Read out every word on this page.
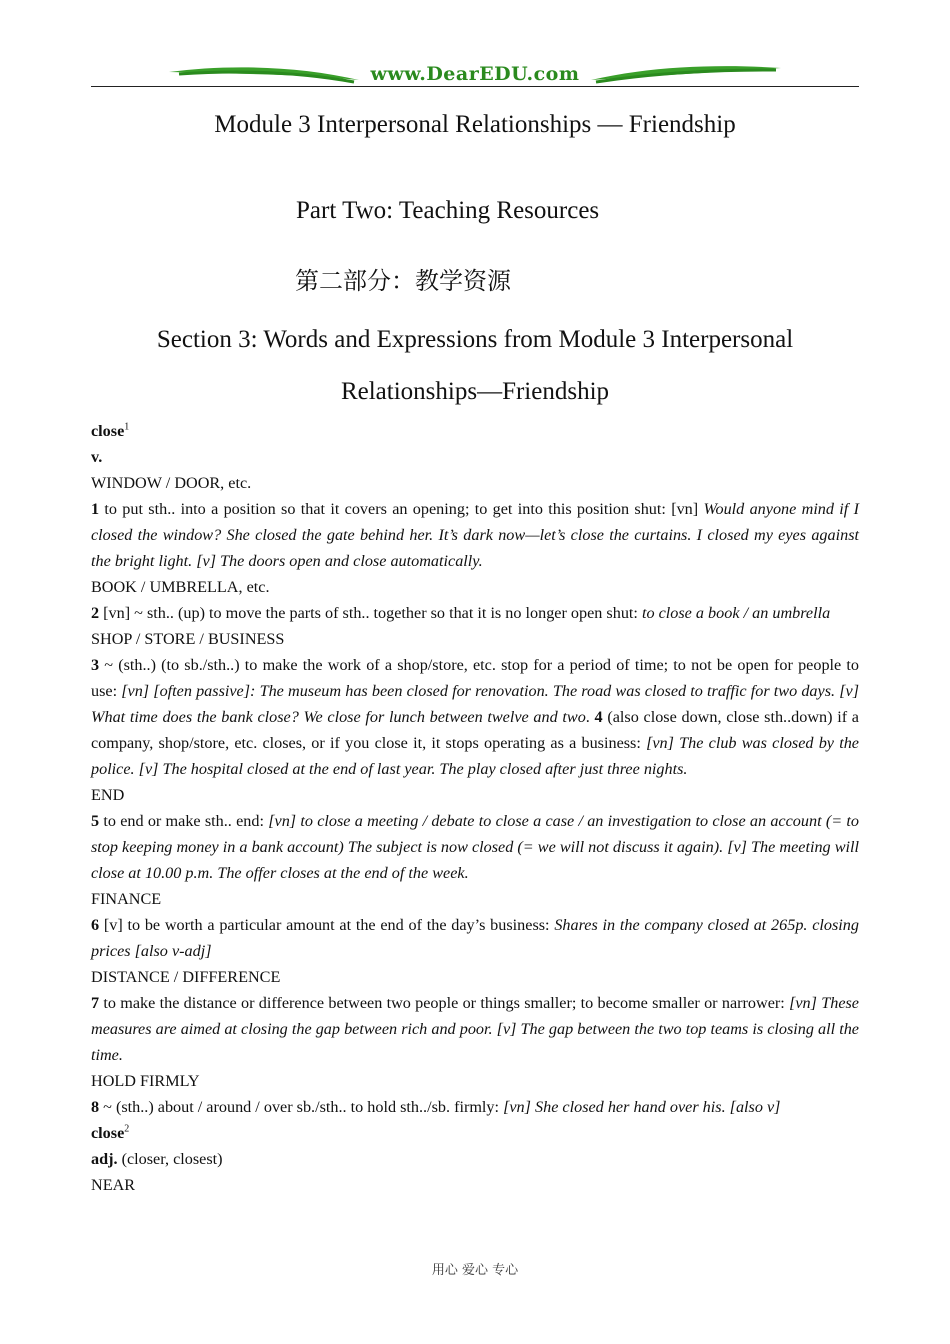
www.DearEDU.com
Module 3 Interpersonal Relationships — Friendship
Part Two: Teaching Resources
第二部分：教学资源
Section 3: Words and Expressions from Module 3 Interpersonal
Relationships—Friendship

close$^1$

v.

WINDOW / DOOR, etc.

1 to put sth.. into a position so that it covers an opening; to get into this position shut: [vn] Would anyone mind if I closed the window? She closed the gate behind her. It’s dark now—let’s close the curtains. I closed my eyes against the bright light. [v] The doors open and close automatically.

BOOK / UMBRELLA, etc.

2 [vn] ~ sth.. (up) to move the parts of sth.. together so that it is no longer open shut: to close a book / an umbrella

SHOP / STORE / BUSINESS

3 ~ (sth..) (to sb./sth..) to make the work of a shop/store, etc. stop for a period of time; to not be open for people to use: [vn] [often passive]: The museum has been closed for renovation. The road was closed to traffic for two days. [v] What time does the bank close? We close for lunch between twelve and two. 4 (also close down, close sth..down) if a company, shop/store, etc. closes, or if you close it, it stops operating as a business: [vn] The club was closed by the police. [v] The hospital closed at the end of last year. The play closed after just three nights.

END

5 to end or make sth.. end: [vn] to close a meeting / debate to close a case / an investigation to close an account (= to stop keeping money in a bank account) The subject is now closed (= we will not discuss it again). [v] The meeting will close at 10.00 p.m. The offer closes at the end of the week.

FINANCE

6 [v] to be worth a particular amount at the end of the day’s business: Shares in the company closed at 265p. closing prices [also v-adj]

DISTANCE / DIFFERENCE

7 to make the distance or difference between two people or things smaller; to become smaller or narrower: [vn] These measures are aimed at closing the gap between rich and poor. [v] The gap between the two top teams is closing all the time.

HOLD FIRMLY

8 ~ (sth..) about / around / over sb./sth.. to hold sth../sb. firmly: [vn] She closed her hand over his. [also v]

close$^2$

adj. (closer, closest)

NEAR

用心 爱心 专心
